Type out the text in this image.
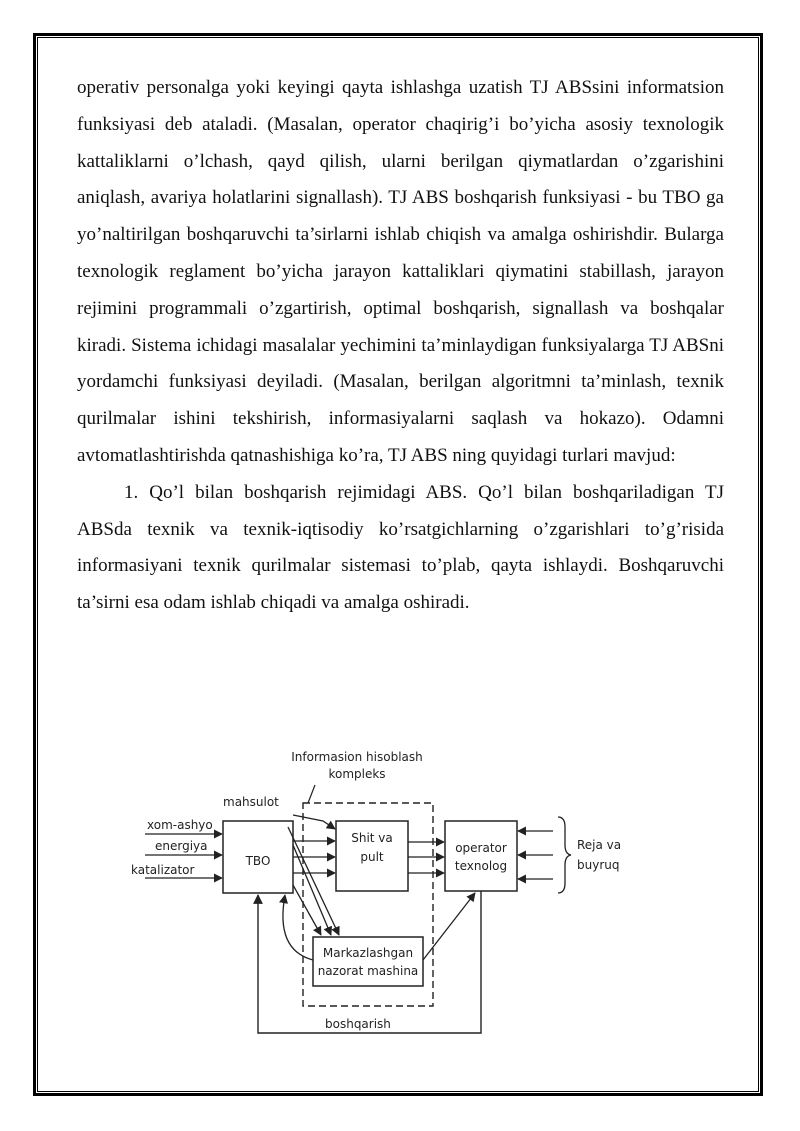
operativ personalga yoki keyingi qayta ishlashga uzatish TJ ABSsini informatsion funksiyasi deb ataladi. (Masalan, operator chaqirig’i bo’yicha asosiy texnologik kattaliklarni o’lchash, qayd qilish, ularni berilgan qiymatlardan o’zgarishini aniqlash, avariya holatlarini signallash). TJ ABS boshqarish funksiyasi - bu TBO ga yo’naltirilgan boshqaruvchi ta’sirlarni ishlab chiqish va amalga oshirishdir. Bularga texnologik reglament bo’yicha jarayon kattaliklari qiymatini stabillash, jarayon rejimini programmali o’zgartirish, optimal boshqarish, signallash va boshqalar kiradi. Sistema ichidagi masalalar yechimini ta’minlaydigan funksiyalarga TJ ABSni yordamchi funksiyasi deyiladi. (Masalan, berilgan algoritmni ta’minlash, texnik qurilmalar ishini tekshirish, informasiyalarni saqlash va hokazo). Odamni avtomatlashtirishda qatnashishiga ko’ra, TJ ABS ning quyidagi turlari mavjud:

1. Qo’l bilan boshqarish rejimidagi ABS. Qo’l bilan boshqariladigan TJ ABSda texnik va texnik-iqtisodiy ko’rsatgichlarning o’zgarishlari to’g’risida informasiyani texnik qurilmalar sistemasi to’plab, qayta ishlaydi. Boshqaruvchi ta’sirni esa odam ishlab chiqadi va amalga oshiradi.

Informasion hisoblash
kompleks
mahsulot
xom-ashyo
energiya
katalizator
TBO
Shit va
pult
operator
texnolog
Reja va
buyruq
Markazlashgan
nazorat mashina
boshqarish
